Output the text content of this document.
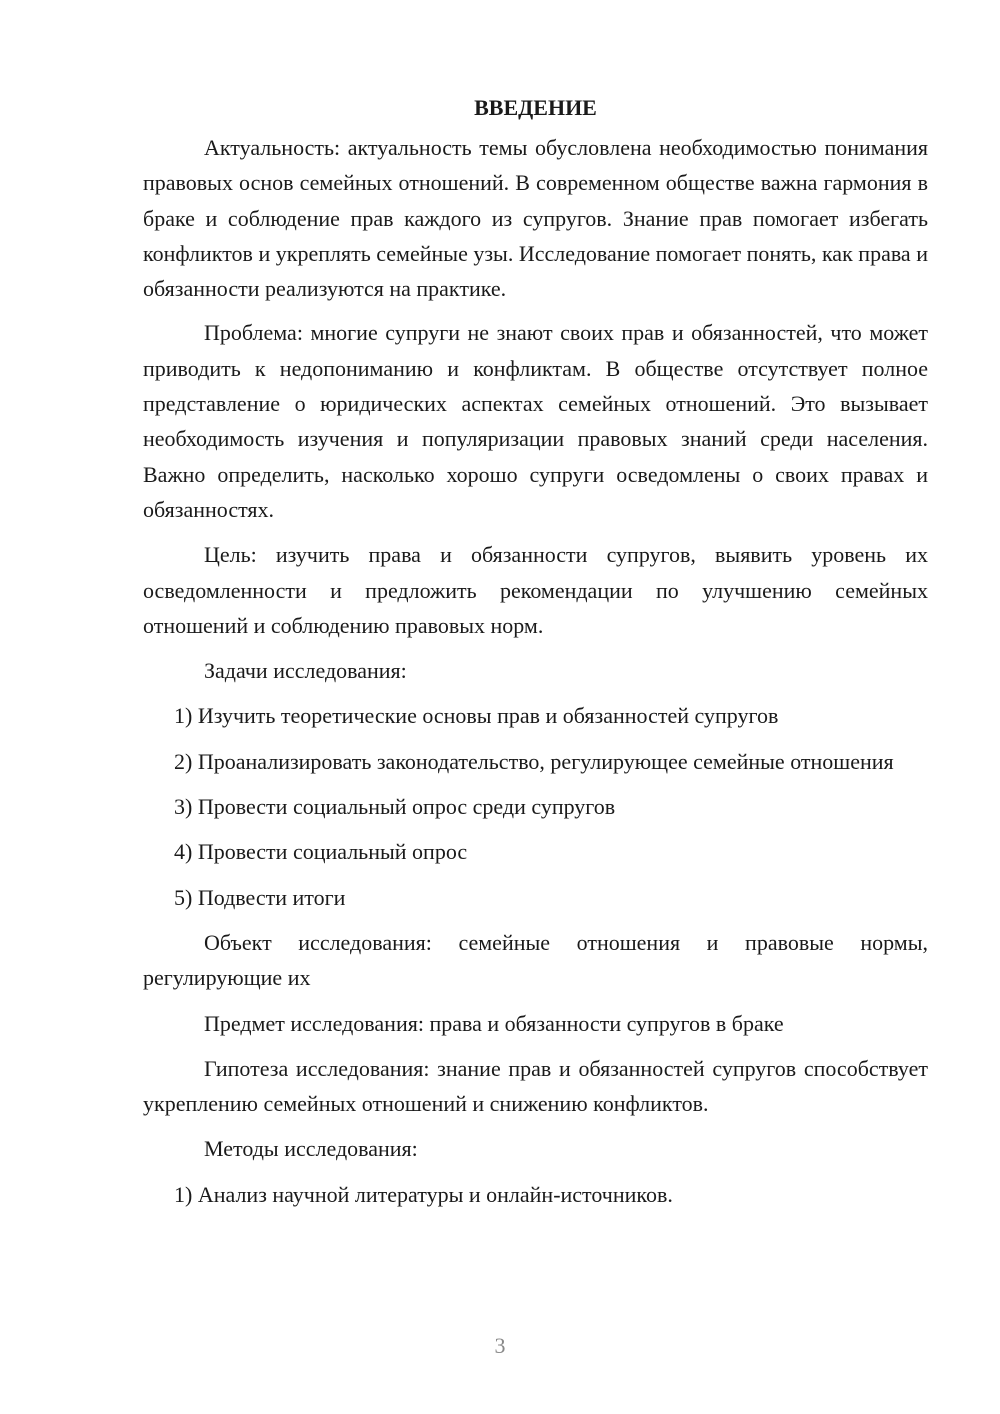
ВВЕДЕНИЕ

Актуальность: актуальность темы обусловлена необходимостью понимания правовых основ семейных отношений. В современном обществе важна гармония в браке и соблюдение прав каждого из супругов. Знание прав помогает избегать конфликтов и укреплять семейные узы. Исследование помогает понять, как права и обязанности реализуются на практике.

Проблема: многие супруги не знают своих прав и обязанностей, что может приводить к недопониманию и конфликтам. В обществе отсутствует полное представление о юридических аспектах семейных отношений. Это вызывает необходимость изучения и популяризации правовых знаний среди населения. Важно определить, насколько хорошо супруги осведомлены о своих правах и обязанностях.

Цель: изучить права и обязанности супругов, выявить уровень их осведомленности и предложить рекомендации по улучшению семейных отношений и соблюдению правовых норм.

Задачи исследования:

1) Изучить теоретические основы прав и обязанностей супругов

2) Проанализировать законодательство, регулирующее семейные отношения

3) Провести социальный опрос среди супругов

4) Провести социальный опрос

5) Подвести итоги

Объект исследования: семейные отношения и правовые нормы, регулирующие их

Предмет исследования: права и обязанности супругов в браке

Гипотеза исследования: знание прав и обязанностей супругов способствует укреплению семейных отношений и снижению конфликтов.

Методы исследования:

1) Анализ научной литературы и онлайн-источников.

3
